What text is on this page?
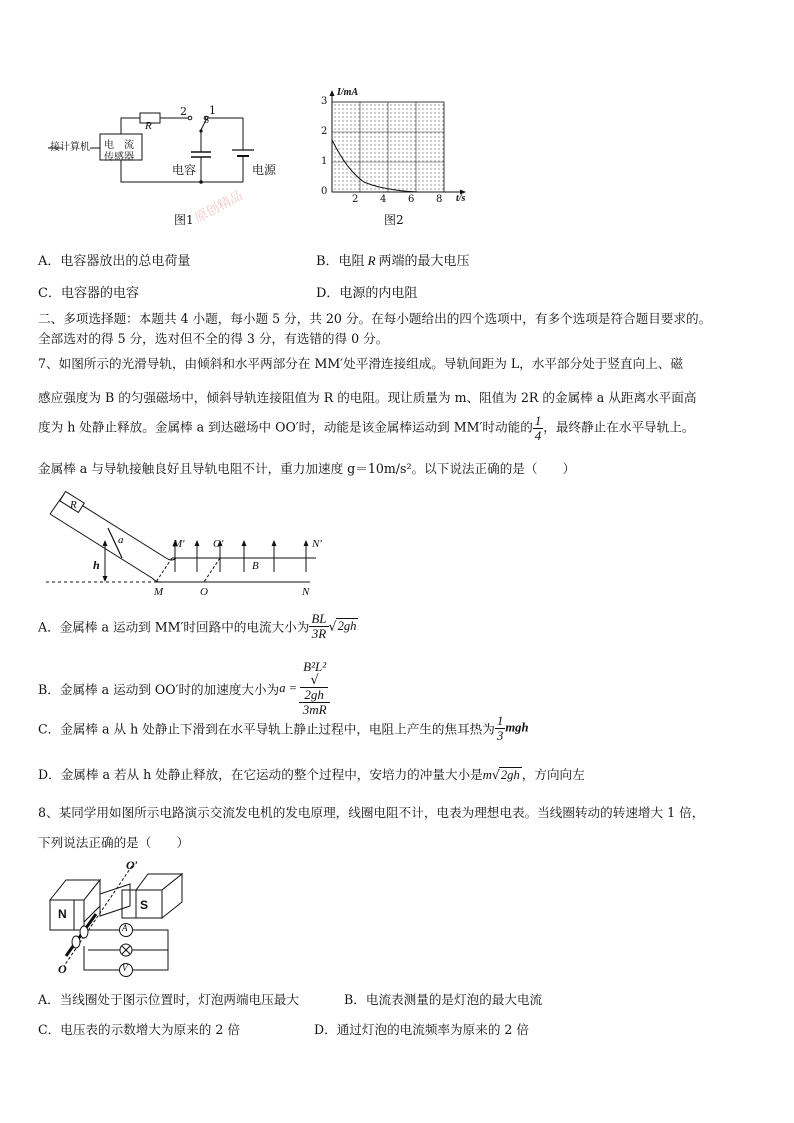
接计算机 电　流
传感器
R
2 1
S
电容	电源
图1
I/mA
3
2
1
0
2 4 6 8 t/s
图2
原创精品
A．电容器放出的总电荷量	B．电阻 R 两端的最大电压
C．电容器的电容	D．电源的内电阻
二、多项选择题：本题共 4 小题，每小题 5 分，共 20 分。在每小题给出的四个选项中，有多个选项是符合题目要求的。
全部选对的得 5 分，选对但不全的得 3 分，有选错的得 0 分。
7、如图所示的光滑导轨，由倾斜和水平两部分在 MM′处平滑连接组成。导轨间距为 L，水平部分处于竖直向上、磁
感应强度为 B 的匀强磁场中，倾斜导轨连接阻值为 R 的电阻。现让质量为 m、阻值为 2R 的金属棒 a 从距离水平面高
度为 h 处静止释放。金属棒 a 到达磁场中 OO′时，动能是该金属棒运动到 MM′时动能的 $\frac{1}{4}$ ，最终静止在水平导轨上。
金属棒 a 与导轨接触良好且导轨电阻不计，重力加速度 g＝10m/s²。以下说法正确的是（　　）
R
a
h
M′	O′
B
N′
M	O	N
A．金属棒 a 运动到 MM′时回路中的电流大小为 $\frac{BL}{3R} √2gh$
B．金属棒 a 运动到 OO′时的加速度大小为a = B²L²
√
2gh
3mR
C．金属棒 a 从 h 处静止下滑到在水平导轨上静止过程中，电阻上产生的焦耳热为 $\frac{1}{3}$ mgh
D．金属棒 a 若从 h 处静止释放，在它运动的整个过程中，安培力的冲量大小是m√2gh ，方向向左
8、某同学用如图所示电路演示交流发电机的发电原理，线圈电阻不计，电表为理想电表。当线圈转动的转速增大 1 倍，
下列说法正确的是（　　）
O′
O
N
S
A
V
A．当线圈处于图示位置时，灯泡两端电压最大	B．电流表测量的是灯泡的最大电流
C．电压表的示数增大为原来的 2 倍	D．通过灯泡的电流频率为原来的 2 倍
